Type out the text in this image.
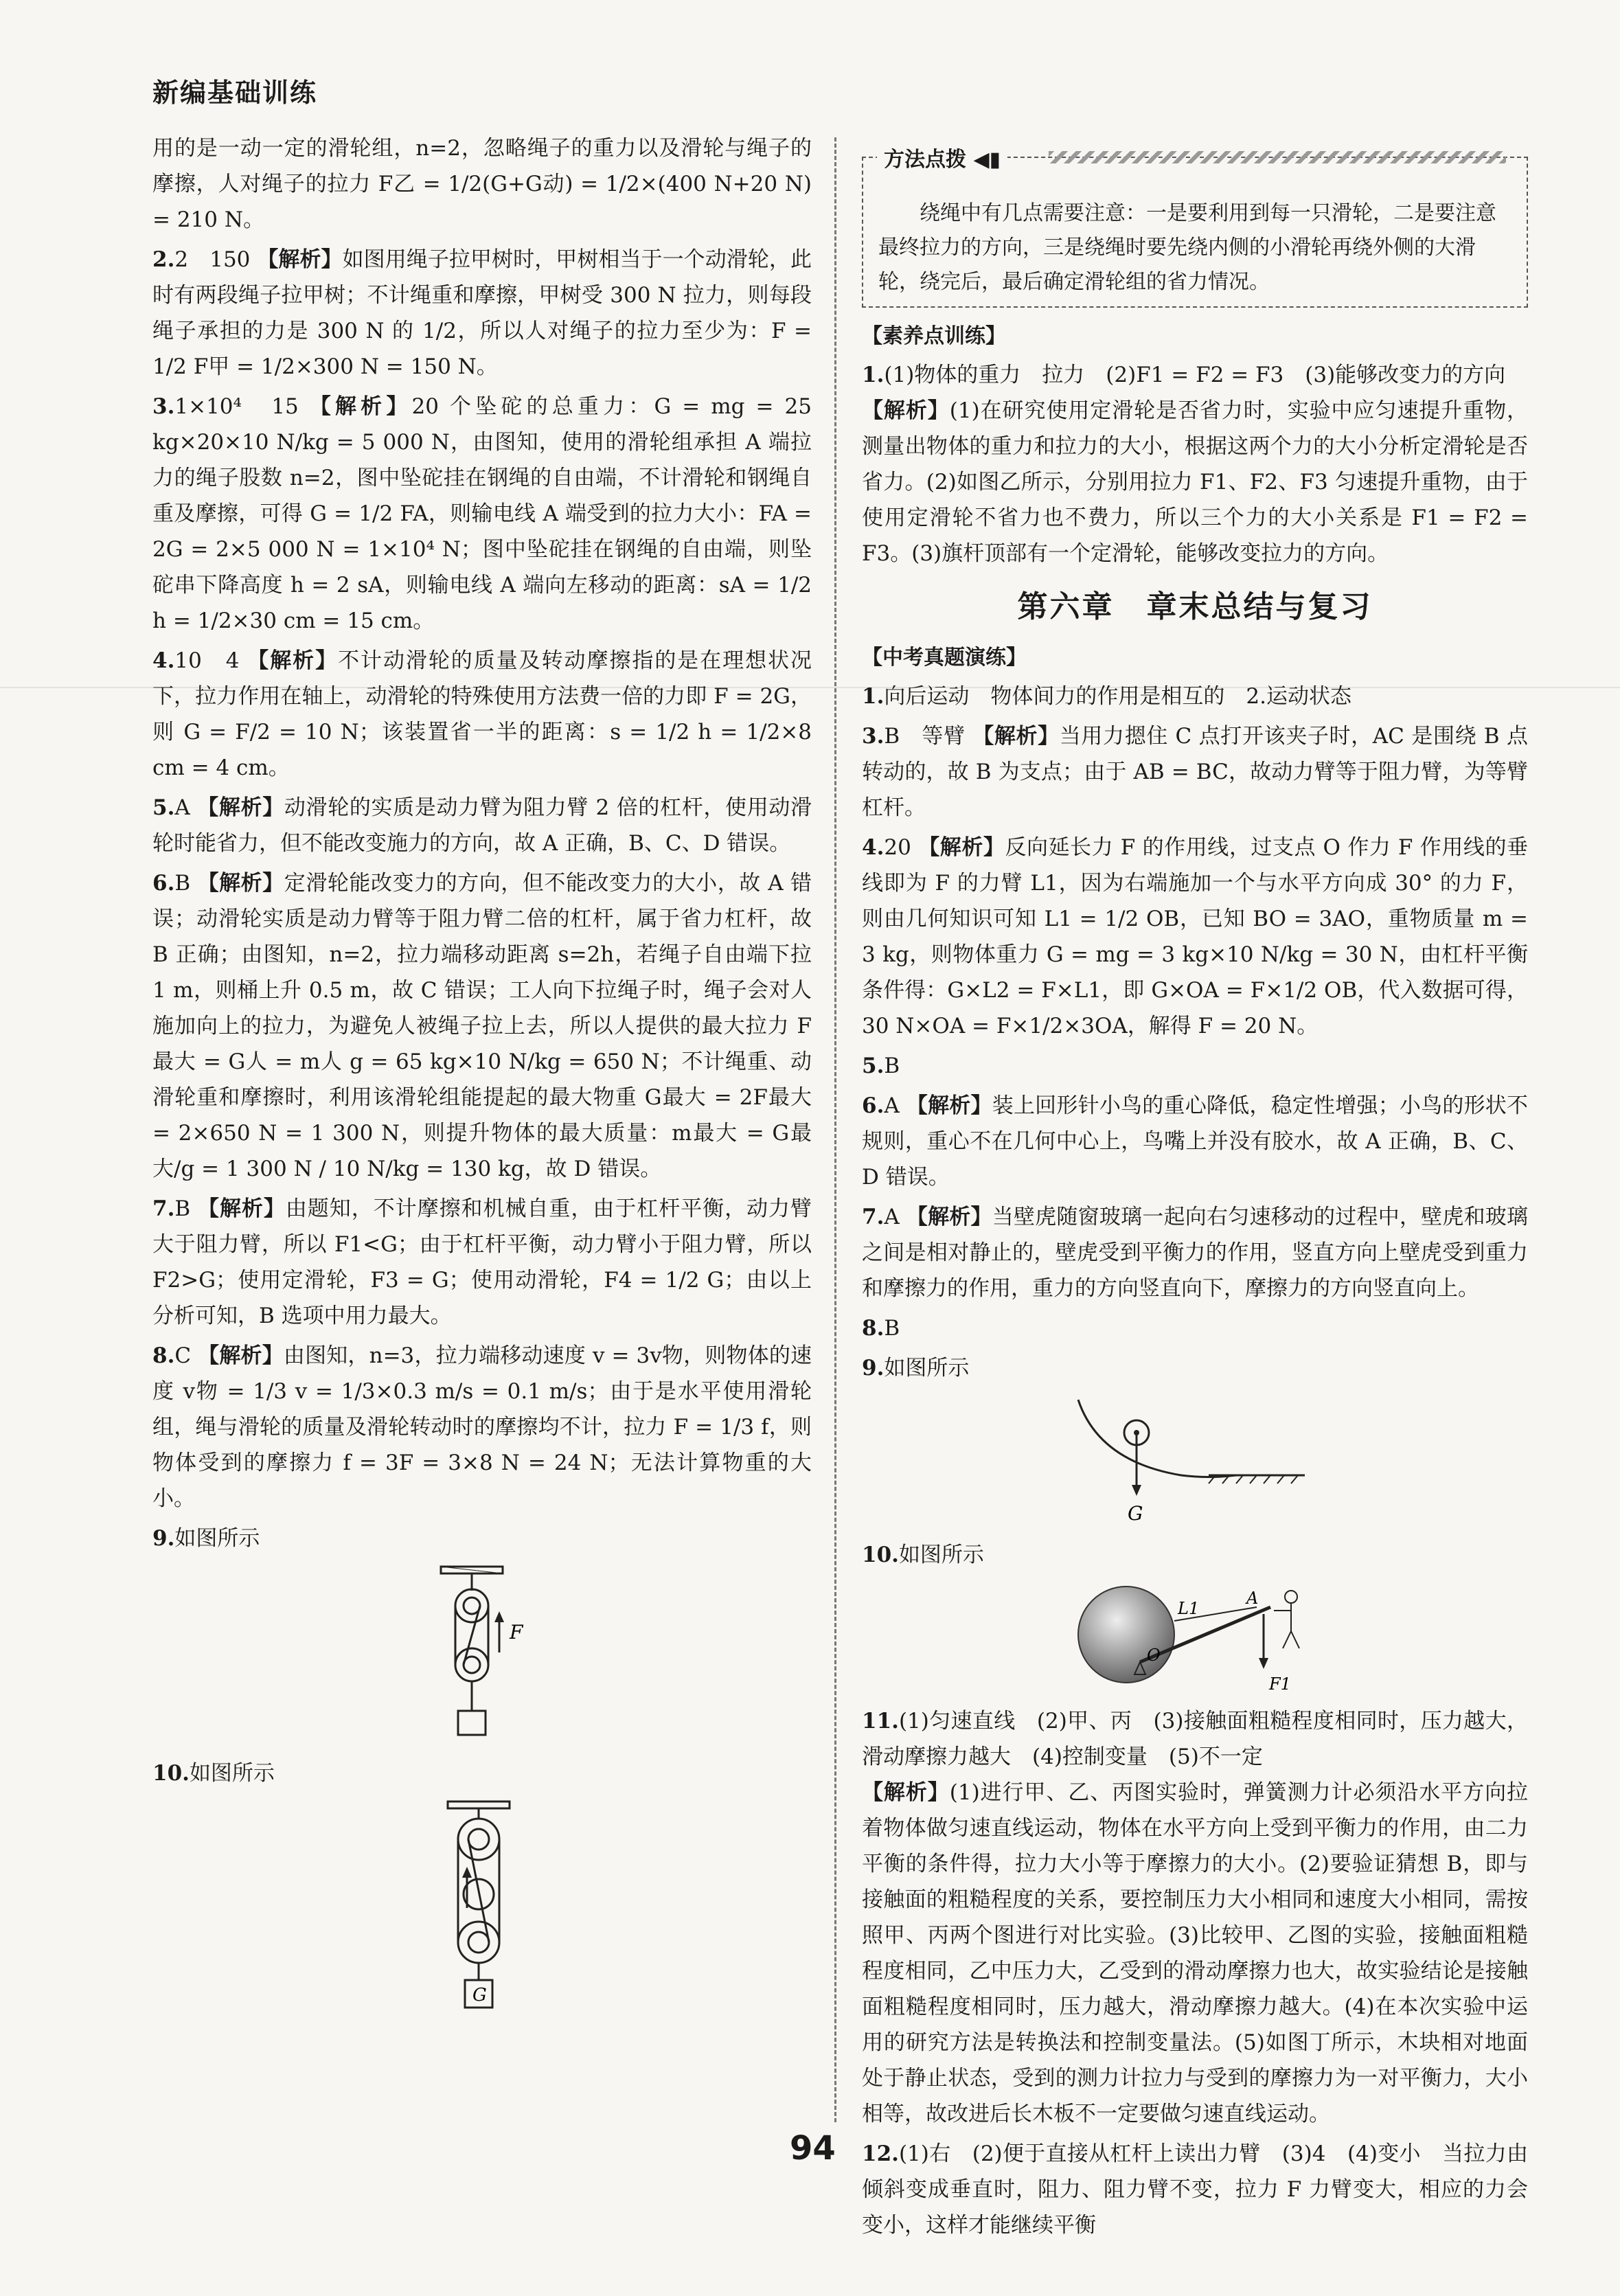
新编基础训练

用的是一动一定的滑轮组，n=2，忽略绳子的重力以及滑轮与绳子的摩擦，人对绳子的拉力 F乙 = 1/2(G+G动) = 1/2×(400 N+20 N) = 210 N。

2.2　150 【解析】如图用绳子拉甲树时，甲树相当于一个动滑轮，此时有两段绳子拉甲树；不计绳重和摩擦，甲树受 300 N 拉力，则每段绳子承担的力是 300 N 的 1/2，所以人对绳子的拉力至少为：F = 1/2 F甲 = 1/2×300 N = 150 N。

3.1×10⁴　15 【解析】20 个坠砣的总重力：G = mg = 25 kg×20×10 N/kg = 5 000 N，由图知，使用的滑轮组承担 A 端拉力的绳子股数 n=2，图中坠砣挂在钢绳的自由端，不计滑轮和钢绳自重及摩擦，可得 G = 1/2 FA，则输电线 A 端受到的拉力大小：FA = 2G = 2×5 000 N = 1×10⁴ N；图中坠砣挂在钢绳的自由端，则坠砣串下降高度 h = 2 sA，则输电线 A 端向左移动的距离：sA = 1/2 h = 1/2×30 cm = 15 cm。

4.10　4 【解析】不计动滑轮的质量及转动摩擦指的是在理想状况下，拉力作用在轴上，动滑轮的特殊使用方法费一倍的力即 F = 2G，则 G = F/2 = 10 N；该装置省一半的距离：s = 1/2 h = 1/2×8 cm = 4 cm。

5.A 【解析】动滑轮的实质是动力臂为阻力臂 2 倍的杠杆，使用动滑轮时能省力，但不能改变施力的方向，故 A 正确，B、C、D 错误。

6.B 【解析】定滑轮能改变力的方向，但不能改变力的大小，故 A 错误；动滑轮实质是动力臂等于阻力臂二倍的杠杆，属于省力杠杆，故 B 正确；由图知，n=2，拉力端移动距离 s=2h，若绳子自由端下拉 1 m，则桶上升 0.5 m，故 C 错误；工人向下拉绳子时，绳子会对人施加向上的拉力，为避免人被绳子拉上去，所以人提供的最大拉力 F最大 = G人 = m人 g = 65 kg×10 N/kg = 650 N；不计绳重、动滑轮重和摩擦时，利用该滑轮组能提起的最大物重 G最大 = 2F最大 = 2×650 N = 1 300 N，则提升物体的最大质量：m最大 = G最大/g = 1 300 N / 10 N/kg = 130 kg，故 D 错误。

7.B 【解析】由题知，不计摩擦和机械自重，由于杠杆平衡，动力臂大于阻力臂，所以 F1<G；由于杠杆平衡，动力臂小于阻力臂，所以 F2>G；使用定滑轮，F3 = G；使用动滑轮，F4 = 1/2 G；由以上分析可知，B 选项中用力最大。

8.C 【解析】由图知，n=3，拉力端移动速度 v = 3v物，则物体的速度 v物 = 1/3 v = 1/3×0.3 m/s = 0.1 m/s；由于是水平使用滑轮组，绳与滑轮的质量及滑轮转动时的摩擦均不计，拉力 F = 1/3 f，则物体受到的摩擦力 f = 3F = 3×8 N = 24 N；无法计算物重的大小。

9.如图所示

F

10.如图所示

G
方法点拨 ◀▮
绕绳中有几点需要注意：一是要利用到每一只滑轮，二是要注意最终拉力的方向，三是绕绳时要先绕内侧的小滑轮再绕外侧的大滑轮，绕完后，最后确定滑轮组的省力情况。
【素养点训练】

1.(1)物体的重力　拉力　(2)F1 = F2 = F3　(3)能够改变力的方向
【解析】(1)在研究使用定滑轮是否省力时，实验中应匀速提升重物，测量出物体的重力和拉力的大小，根据这两个力的大小分析定滑轮是否省力。(2)如图乙所示，分别用拉力 F1、F2、F3 匀速提升重物，由于使用定滑轮不省力也不费力，所以三个力的大小关系是 F1 = F2 = F3。(3)旗杆顶部有一个定滑轮，能够改变拉力的方向。

第六章　章末总结与复习
【中考真题演练】

1.向后运动　物体间力的作用是相互的　2.运动状态

3.B　等臂 【解析】当用力摁住 C 点打开该夹子时，AC 是围绕 B 点转动的，故 B 为支点；由于 AB = BC，故动力臂等于阻力臂，为等臂杠杆。

4.20 【解析】反向延长力 F 的作用线，过支点 O 作力 F 作用线的垂线即为 F 的力臂 L1，因为右端施加一个与水平方向成 30° 的力 F，则由几何知识可知 L1 = 1/2 OB，已知 BO = 3AO，重物质量 m = 3 kg，则物体重力 G = mg = 3 kg×10 N/kg = 30 N，由杠杆平衡条件得：G×L2 = F×L1，即 G×OA = F×1/2 OB，代入数据可得，30 N×OA = F×1/2×3OA，解得 F = 20 N。

5.B

6.A 【解析】装上回形针小鸟的重心降低，稳定性增强；小鸟的形状不规则，重心不在几何中心上，鸟嘴上并没有胶水，故 A 正确，B、C、D 错误。

7.A 【解析】当壁虎随窗玻璃一起向右匀速移动的过程中，壁虎和玻璃之间是相对静止的，壁虎受到平衡力的作用，竖直方向上壁虎受到重力和摩擦力的作用，重力的方向竖直向下，摩擦力的方向竖直向上。

8.B

9.如图所示

G

10.如图所示

L1
A
O
F1

11.(1)匀速直线　(2)甲、丙　(3)接触面粗糙程度相同时，压力越大，滑动摩擦力越大　(4)控制变量　(5)不一定
【解析】(1)进行甲、乙、丙图实验时，弹簧测力计必须沿水平方向拉着物体做匀速直线运动，物体在水平方向上受到平衡力的作用，由二力平衡的条件得，拉力大小等于摩擦力的大小。(2)要验证猜想 B，即与接触面的粗糙程度的关系，要控制压力大小相同和速度大小相同，需按照甲、丙两个图进行对比实验。(3)比较甲、乙图的实验，接触面粗糙程度相同，乙中压力大，乙受到的滑动摩擦力也大，故实验结论是接触面粗糙程度相同时，压力越大，滑动摩擦力越大。(4)在本次实验中运用的研究方法是转换法和控制变量法。(5)如图丁所示，木块相对地面处于静止状态，受到的测力计拉力与受到的摩擦力为一对平衡力，大小相等，故改进后长木板不一定要做匀速直线运动。

12.(1)右　(2)便于直接从杠杆上读出力臂　(3)4　(4)变小　当拉力由倾斜变成垂直时，阻力、阻力臂不变，拉力 F 力臂变大，相应的力会变小，这样才能继续平衡

94
